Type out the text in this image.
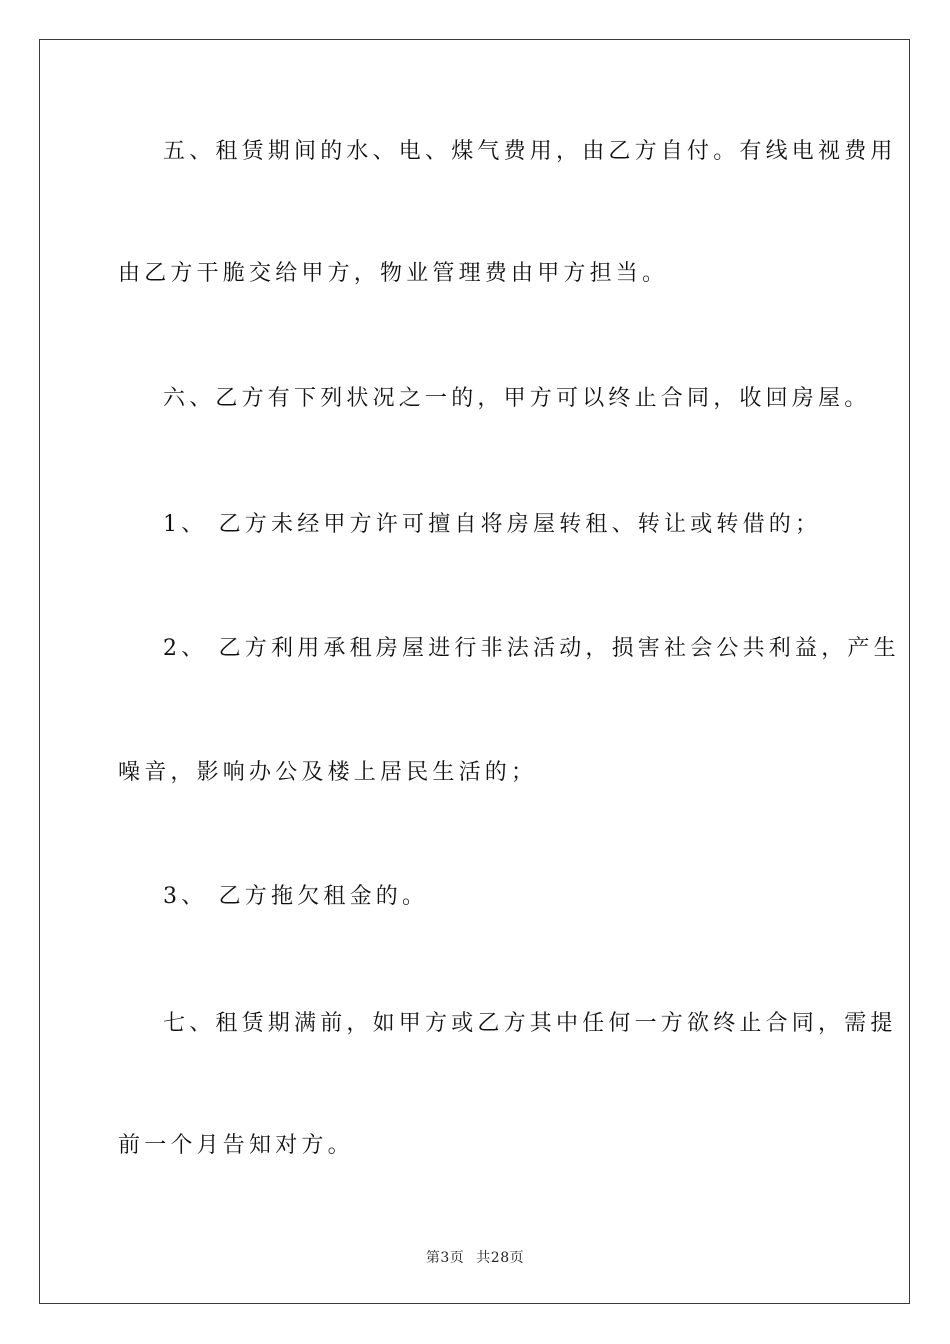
五、租赁期间的水、电、煤气费用，由乙方自付。有线电视费用
由乙方干脆交给甲方，物业管理费由甲方担当。
六、乙方有下列状况之一的，甲方可以终止合同，收回房屋。
1、 乙方未经甲方许可擅自将房屋转租、转让或转借的；
2、 乙方利用承租房屋进行非法活动，损害社会公共利益，产生
噪音，影响办公及楼上居民生活的；
3、 乙方拖欠租金的。
七、租赁期满前，如甲方或乙方其中任何一方欲终止合同，需提
前一个月告知对方。
第3页 共28页
